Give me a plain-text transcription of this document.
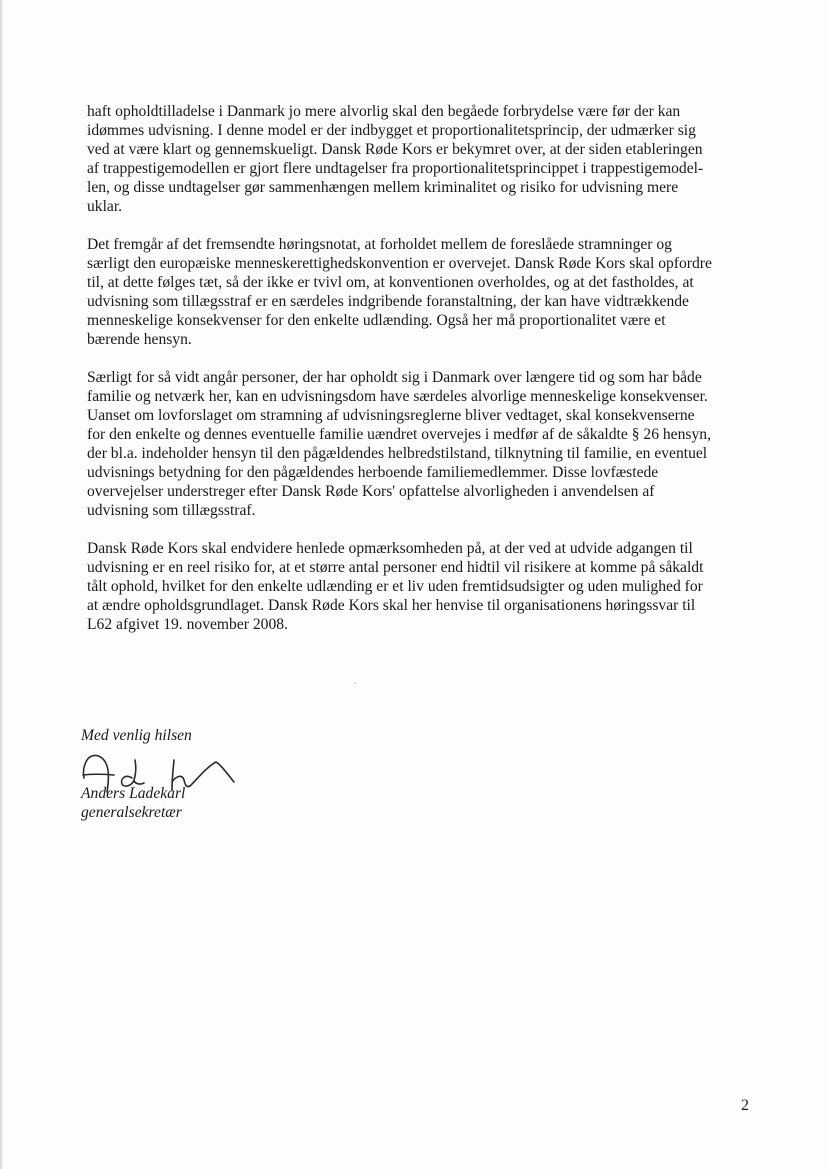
haft opholdtilladelse i Danmark jo mere alvorlig skal den begåede forbrydelse være før der kan
idømmes udvisning. I denne model er der indbygget et proportionalitetsprincip, der udmærker sig
ved at være klart og gennemskueligt. Dansk Røde Kors er bekymret over, at der siden etableringen
af trappestigemodellen er gjort flere undtagelser fra proportionalitetsprincippet i trappestigemodel-
len, og disse undtagelser gør sammenhængen mellem kriminalitet og risiko for udvisning mere
uklar.

Det fremgår af det fremsendte høringsnotat, at forholdet mellem de foreslåede stramninger og
særligt den europæiske menneskerettighedskonvention er overvejet. Dansk Røde Kors skal opfordre
til, at dette følges tæt, så der ikke er tvivl om, at konventionen overholdes, og at det fastholdes, at
udvisning som tillægsstraf er en særdeles indgribende foranstaltning, der kan have vidtrækkende
menneskelige konsekvenser for den enkelte udlænding. Også her må proportionalitet være et
bærende hensyn.

Særligt for så vidt angår personer, der har opholdt sig i Danmark over længere tid og som har både
familie og netværk her, kan en udvisningsdom have særdeles alvorlige menneskelige konsekvenser.
Uanset om lovforslaget om stramning af udvisningsreglerne bliver vedtaget, skal konsekvenserne
for den enkelte og dennes eventuelle familie uændret overvejes i medfør af de såkaldte § 26 hensyn,
der bl.a. indeholder hensyn til den pågældendes helbredstilstand, tilknytning til familie, en eventuel
udvisnings betydning for den pågældendes herboende familiemedlemmer. Disse lovfæstede
overvejelser understreger efter Dansk Røde Kors' opfattelse alvorligheden i anvendelsen af
udvisning som tillægsstraf.

Dansk Røde Kors skal endvidere henlede opmærksomheden på, at der ved at udvide adgangen til
udvisning er en reel risiko for, at et større antal personer end hidtil vil risikere at komme på såkaldt
tålt ophold, hvilket for den enkelte udlænding er et liv uden fremtidsudsigter og uden mulighed for
at ændre opholdsgrundlaget. Dansk Røde Kors skal her henvise til organisationens høringssvar til
L62 afgivet 19. november 2008.

Med venlig hilsen
Anders Ladekarl
generalsekretær
2
